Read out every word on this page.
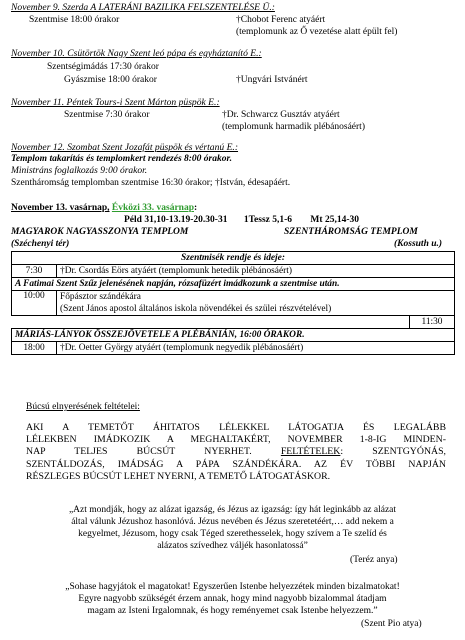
November 9. Szerda A LATERÁNI BAZILIKA FELSZENTELÉSE Ü.:
Szentmise 18:00 órakor	†Chobot Ferenc atyáért
(templomunk az Ő vezetése alatt épült fel)
November 10. Csütörtök Nagy Szent leó pápa és egyháztanító E.:
Szentségimádás 17:30 órakor
Gyászmise 18:00 órakor	†Ungvári Istvánért
November 11. Péntek Tours-i Szent Márton püspök E.:
Szentmise 7:30 órakor	†Dr. Schwarcz Gusztáv atyáért
(templomunk harmadik plébánosáért)
November 12. Szombat Szent Jozafát püspök és vértanú E.:
Templom takarítás és templomkert rendezés 8:00 órakor.
Ministráns foglalkozás 9:00 órakor.
Szentháromság templomban szentmise 16:30 órakor; †István, édesapáért.
November 13. vasárnap, Évközi 33. vasárnap:
Péld 31,10-13.19-20.30-31 1Tessz 5,1-6 Mt 25,14-30
MAGYAROK NAGYASSZONYA TEMPLOM	SZENTHÁROMSÁG TEMPLOM
(Széchenyi tér)	(Kossuth u.)
Szentmisék rendje és ideje:		
7:30	†Dr. Csordás Eörs atyáért (templomunk hetedik plébánosáért)	
A Fatimai Szent Szűz jelenésének napján, rózsafüzért imádkozunk a szentmise után.		
10:00	Főpásztor szándékára	
	(Szent János apostol általános iskola növendékei és szülei részvételével)	
		11:30
MÁRIÁS-LÁNYOK ÖSSZEJÖVETELE A PLÉBÁNIÁN, 16:00 ÓRAKOR.		
18:00	†Dr. Oetter György atyáért (templomunk negyedik plébánosáért)	
Búcsú elnyerésének feltételei:
AKI A TEMETŐT ÁHITATOS LÉLEKKEL LÁTOGATJA ÉS LEGALÁBB
LÉLEKBEN IMÁDKOZIK A MEGHALTAKÉRT, NOVEMBER 1-8-IG MINDEN-
NAP TELJES BÚCSÚT NYERHET.	FELTÉTELEK: SZENTGYÓNÁS,
SZENTÁLDOZÁS, IMÁDSÁG A PÁPA SZÁNDÉKÁRA. AZ ÉV TÖBBI NAPJÁN
RÉSZLEGES BÚCSÚT LEHET NYERNI, A TEMETŐ LÁTOGATÁSKOR.
„Azt mondják, hogy az alázat igazság, és Jézus az igazság: így hát leginkább az alázat
által válunk Jézushoz hasonlóvá. Jézus nevében és Jézus szeretetéért,… add nekem a
kegyelmet, Jézusom, hogy csak Téged szerethesselek, hogy szívem a Te szelíd és
alázatos szívedhez váljék hasonlatossá”
(Teréz anya)
„Sohase hagyjátok el magatokat! Egyszerűen Istenbe helyezzétek minden bizalmatokat!
Egyre nagyobb szükségét érzem annak, hogy mind nagyobb bizalommal átadjam
magam az Isteni Irgalomnak, és hogy reményemet csak Istenbe helyezzem.”
(Szent Pio atya)
